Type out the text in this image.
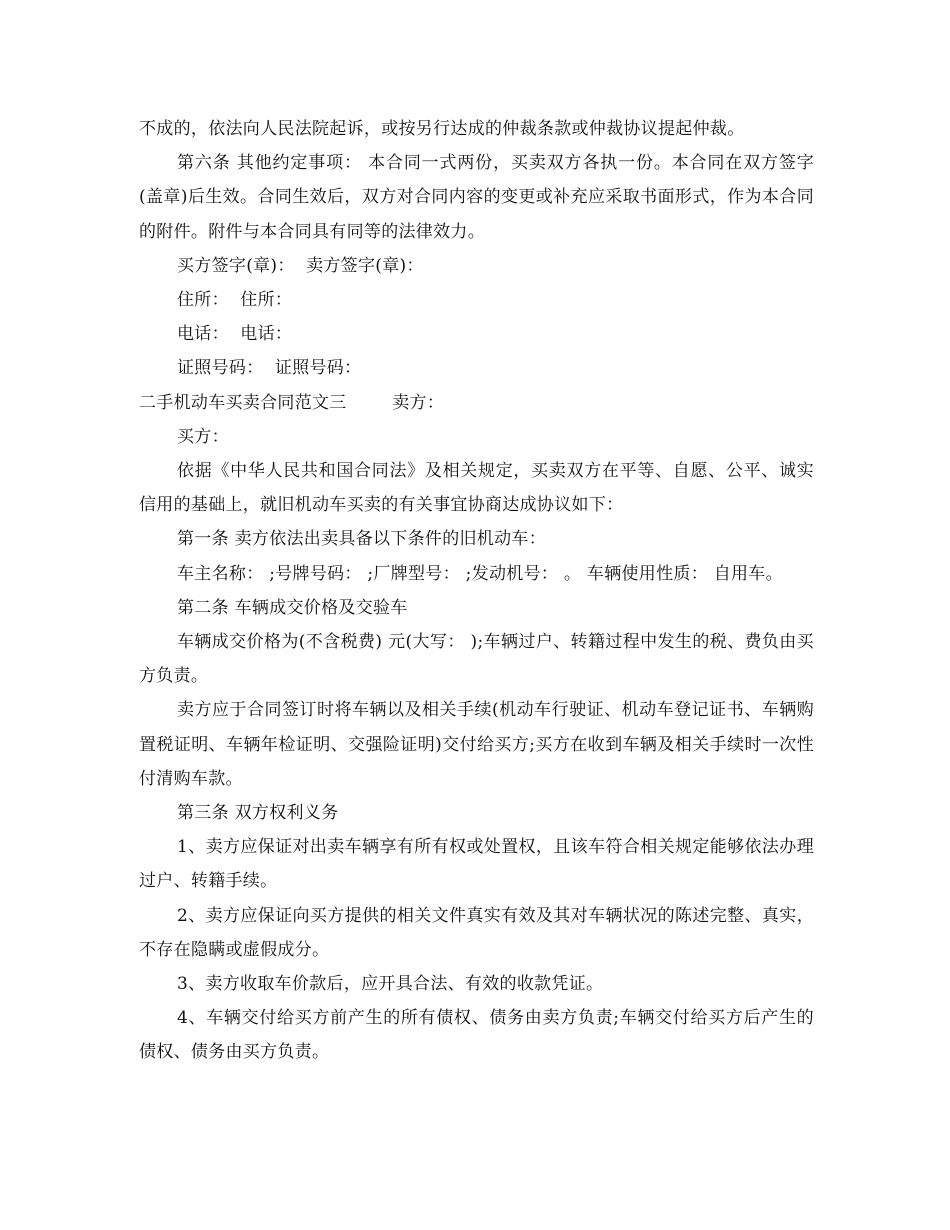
不成的，依法向人民法院起诉，或按另行达成的仲裁条款或仲裁协议提起仲裁。

第六条 其他约定事项： 本合同一式两份，买卖双方各执一份。本合同在双方签字(盖章)后生效。合同生效后，双方对合同内容的变更或补充应采取书面形式，作为本合同的附件。附件与本合同具有同等的法律效力。

买方签字(章)：  卖方签字(章)：

住所：  住所：

电话：  电话：

证照号码：  证照号码：

二手机动车买卖合同范文三        卖方：

买方：

依据《中华人民共和国合同法》及相关规定，买卖双方在平等、自愿、公平、诚实信用的基础上，就旧机动车买卖的有关事宜协商达成协议如下：

第一条 卖方依法出卖具备以下条件的旧机动车：

车主名称： ;号牌号码： ;厂牌型号： ;发动机号： 。 车辆使用性质： 自用车。

第二条 车辆成交价格及交验车

车辆成交价格为(不含税费) 元(大写： );车辆过户、转籍过程中发生的税、费负由买方负责。

卖方应于合同签订时将车辆以及相关手续(机动车行驶证、机动车登记证书、车辆购置税证明、车辆年检证明、交强险证明)交付给买方;买方在收到车辆及相关手续时一次性付清购车款。

第三条 双方权利义务

1、卖方应保证对出卖车辆享有所有权或处置权，且该车符合相关规定能够依法办理过户、转籍手续。

2、卖方应保证向买方提供的相关文件真实有效及其对车辆状况的陈述完整、真实，不存在隐瞒或虚假成分。

3、卖方收取车价款后，应开具合法、有效的收款凭证。

4、车辆交付给买方前产生的所有债权、债务由卖方负责;车辆交付给买方后产生的债权、债务由买方负责。
